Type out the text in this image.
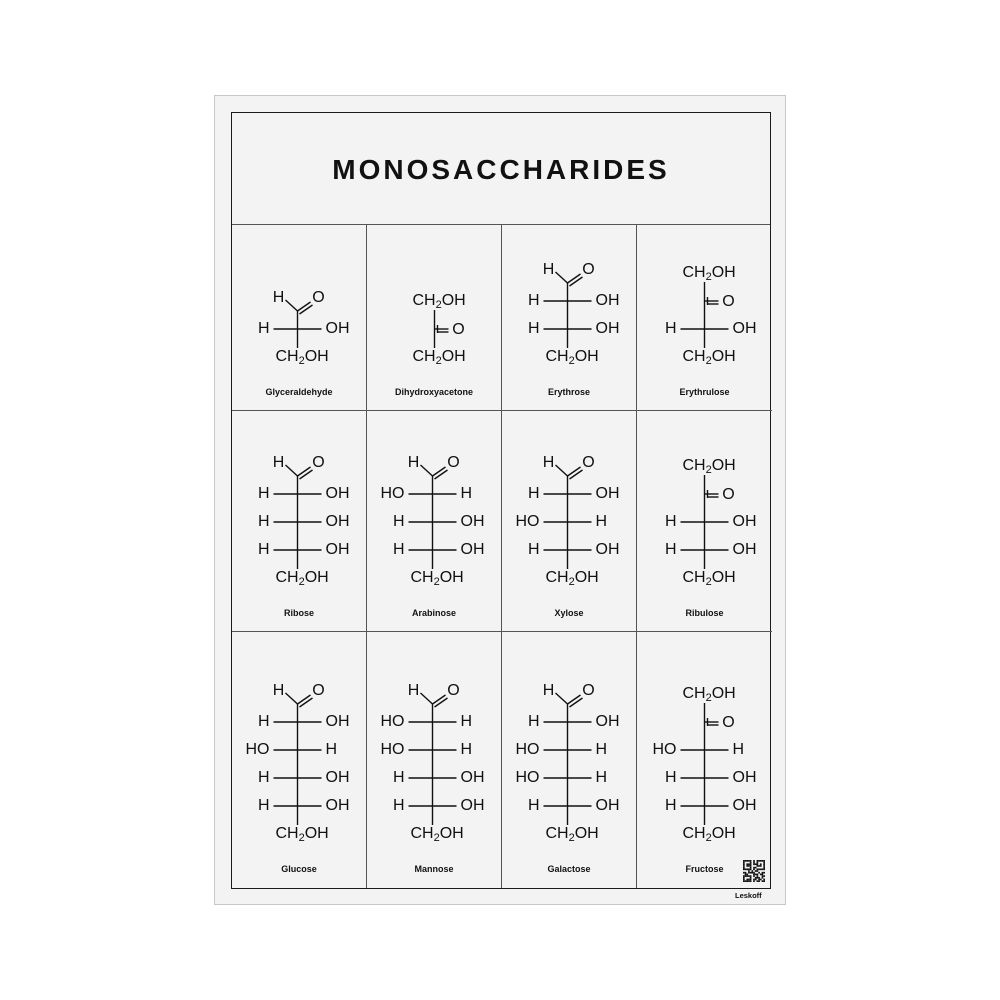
MONOSACCHARIDES
H O
H	OH
$CH_2OH$
Glyceraldehyde
$CH_2OH$
O
$CH_2OH$
Dihydroxyacetone
H O
H	OH
H	OH
$CH_2OH$
Erythrose
$CH_2OH$
O
H	OH
$CH_2OH$
Erythrulose
H O
H	OH
H	OH
H	OH
$CH_2OH$
Ribose
H O
HO	H
H	OH
H	OH
$CH_2OH$
Arabinose
H O
H	OH
HO	H
H	OH
$CH_2OH$
Xylose
$CH_2OH$
O
H	OH
H	OH
$CH_2OH$
Ribulose
H O
H	OH
HO	H
H	OH
H	OH
$CH_2OH$
Glucose
H O
HO	H
HO	H
H	OH
H	OH
$CH_2OH$
Mannose
H O
H	OH
HO	H
HO	H
H	OH
$CH_2OH$
Galactose
$CH_2OH$
O
HO	H
H	OH
H	OH
$CH_2OH$
Fructose
Leskoff
